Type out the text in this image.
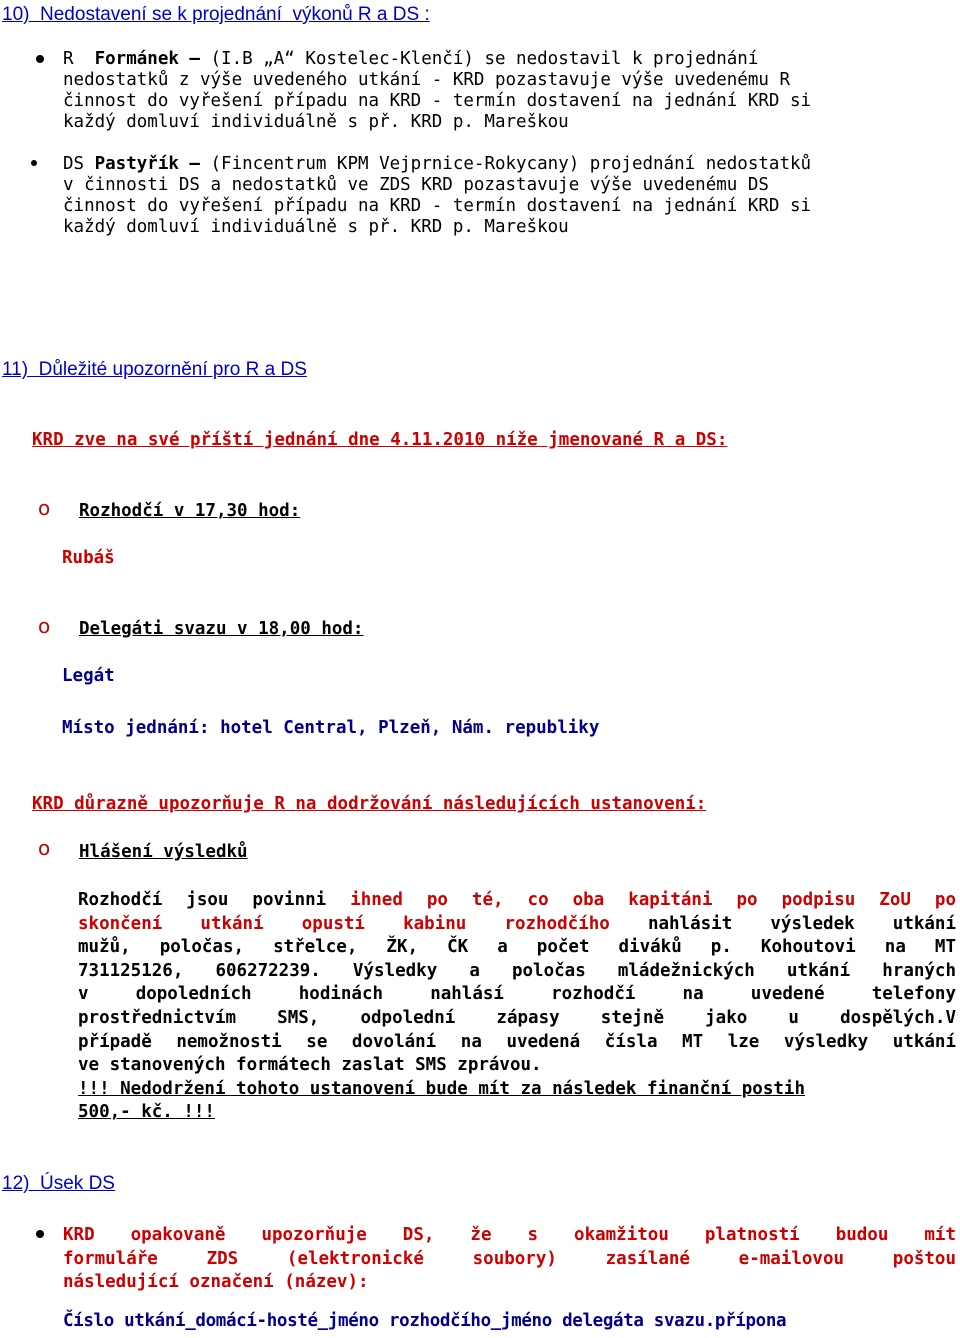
10)  Nedostavení se k projednání  výkonů R a DS :
R  Formánek – (I.B „A“ Kostelec-Klenčí) se nedostavil k projednání
nedostatků z výše uvedeného utkání - KRD pozastavuje výše uvedenému R
činnost do vyřešení případu na KRD - termín dostavení na jednání KRD si
každý domluví individuálně s př. KRD p. Mareškou
DS Pastyřík – (Fincentrum KPM Vejprnice-Rokycany) projednání nedostatků
v činnosti DS a nedostatků ve ZDS KRD pozastavuje výše uvedenému DS
činnost do vyřešení případu na KRD - termín dostavení na jednání KRD si
každý domluví individuálně s př. KRD p. Mareškou
11)  Důležité upozornění pro R a DS
KRD zve na své příští jednání dne 4.11.2010 níže jmenované R a DS:
o Rozhodčí v 17,30 hod:
Rubáš
o Delegáti svazu v 18,00 hod:
Legát
Místo jednání: hotel Central, Plzeň, Nám. republiky
KRD důrazně upozorňuje R na dodržování následujících ustanovení:
o Hlášení výsledků
Rozhodčí jsou povinni ihned po té, co oba kapitáni po podpisu ZoU po
skončení utkání opustí kabinu rozhodčího nahlásit výsledek utkání
mužů, poločas, střelce, ŽK, ČK a počet diváků p. Kohoutovi na MT
731125126, 606272239. Výsledky a poločas mládežnických utkání hraných
v dopoledních hodinách nahlásí rozhodčí na uvedené telefony
prostřednictvím SMS, odpolední zápasy stejně jako u dospělých.V
případě nemožnosti se dovolání na uvedená čísla MT lze výsledky utkání
ve stanovených formátech zaslat SMS zprávou.
!!! Nedodržení tohoto ustanovení bude mít za následek finanční postih
500,- kč. !!!
12)  Úsek DS
KRD opakovaně upozorňuje DS, že s okamžitou platností budou mít
formuláře ZDS (elektronické soubory) zasílané e-mailovou poštou
následující označení (název):
Číslo utkání_domácí-hosté_jméno rozhodčího_jméno delegáta svazu.přípona
